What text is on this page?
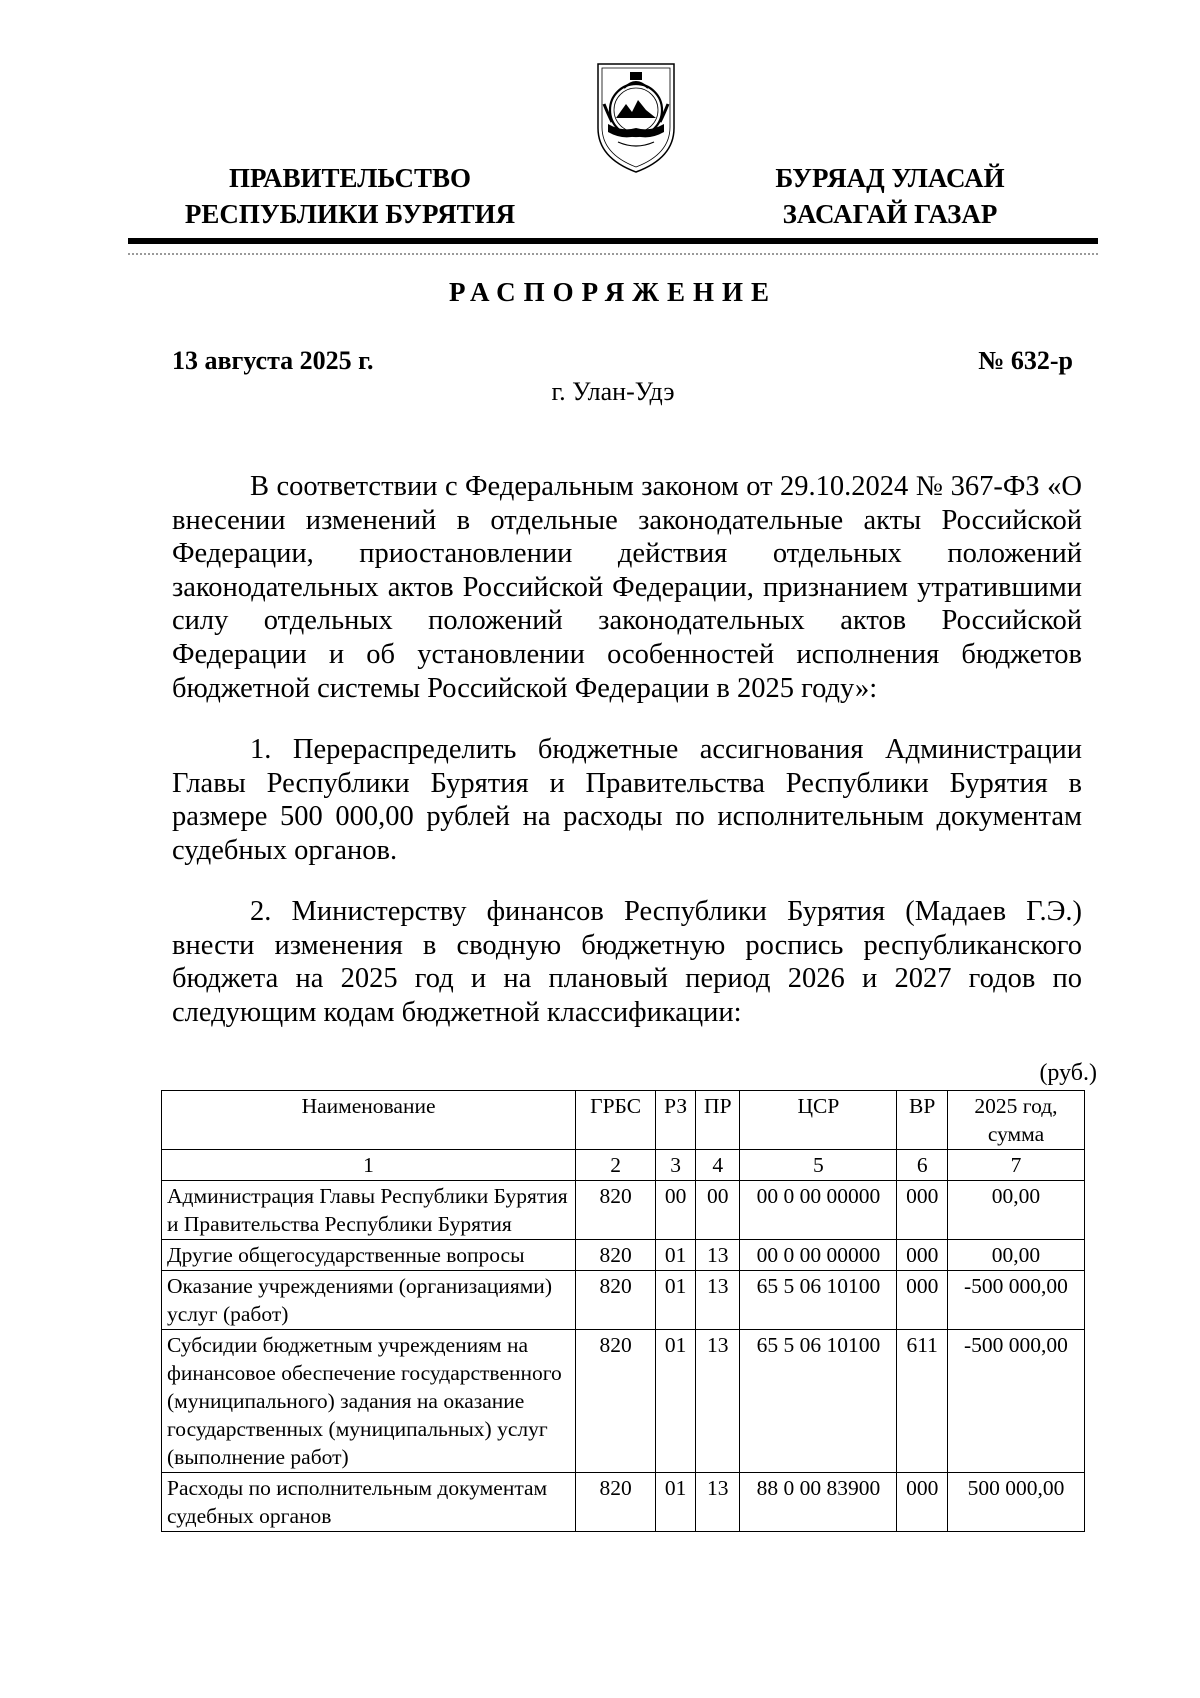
ПРАВИТЕЛЬСТВО
РЕСПУБЛИКИ БУРЯТИЯ
БУРЯАД УЛАСАЙ
ЗАСАГАЙ ГАЗАР
РАСПОРЯЖЕНИЕ
13 августа 2025 г.	№ 632-р
г. Улан-Удэ

В соответствии с Федеральным законом от 29.10.2024 № 367-ФЗ «О внесении изменений в отдельные законодательные акты Российской Федерации, приостановлении действия отдельных положений законодательных актов Российской Федерации, признанием утратившими силу отдельных положений законодательных актов Российской Федерации и об установлении особенностей исполнения бюджетов бюджетной системы Российской Федерации в 2025 году»:

1. Перераспределить бюджетные ассигнования Администрации Главы Республики Бурятия и Правительства Республики Бурятия в размере 500 000,00 рублей на расходы по исполнительным документам судебных органов.

2. Министерству финансов Республики Бурятия (Мадаев Г.Э.) внести изменения в сводную бюджетную роспись республиканского бюджета на 2025 год и на плановый период 2026 и 2027 годов по следующим кодам бюджетной классификации:

(руб.)
Наименование	ГРБС	РЗ	ПР	ЦСР	ВР	2025 год, сумма
1	2	3	4	5	6	7
Администрация Главы Республики Бурятия и Правительства Республики Бурятия	820	00	00	00 0 00 00000	000	00,00
Другие общегосударственные вопросы	820	01	13	00 0 00 00000	000	00,00
Оказание учреждениями (организациями) услуг (работ)	820	01	13	65 5 06 10100	000	-500 000,00
Субсидии бюджетным учреждениям на финансовое обеспечение государственного (муниципального) задания на оказание государственных (муниципальных) услуг (выполнение работ)	820	01	13	65 5 06 10100	611	-500 000,00
Расходы по исполнительным документам судебных органов	820	01	13	88 0 00 83900	000	500 000,00
